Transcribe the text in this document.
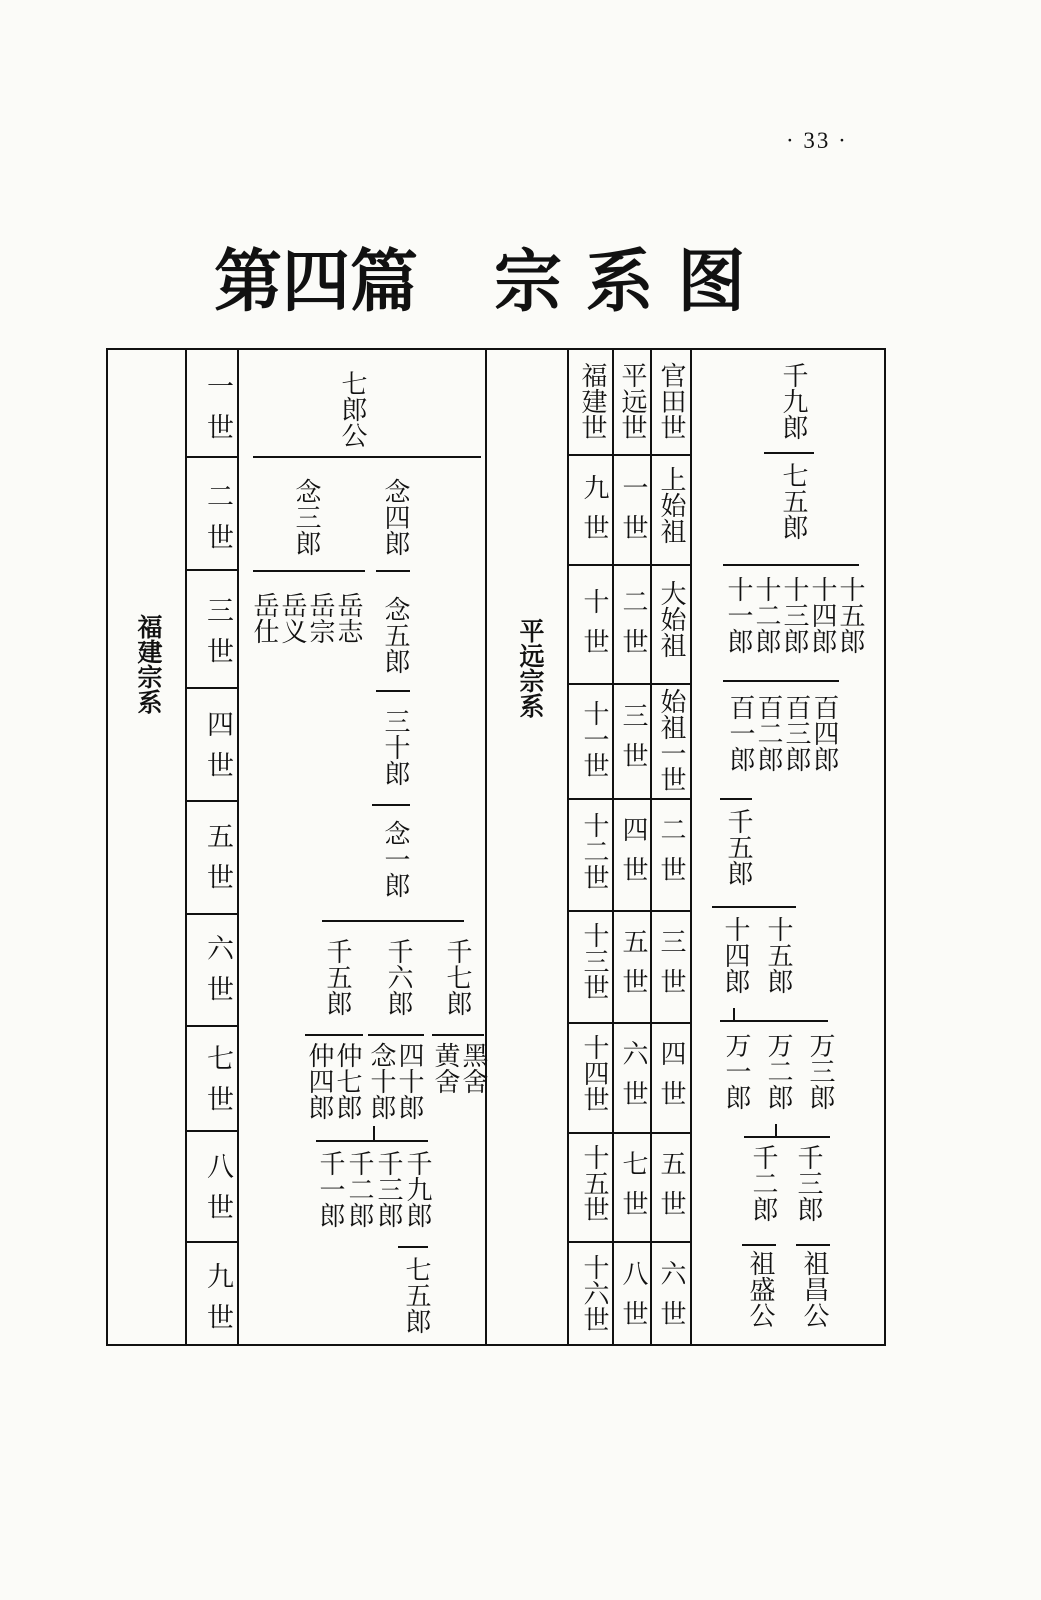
· 33 ·
第四篇 宗 系 图
福建宗系	平远宗系
一世
二世
三世
四世
五世
六世
七世
八世
九世
七郎公
念三郎 念四郎
岳仕
岳义
岳宗
岳志 念五郎
三十郎
念一郎
千五郎 千六郎 千七郎
仲四郎
仲七郎 念十郎
四十郎 黄舍
黑舍
千一郎 千二郎 千三郎 千九郎
七五郎
福建世 平远世 官田世
九世
十世
十一世
十二世
十三世
十四世
十五世
十六世
一世
二世
三世
四世
五世
六世
七世
八世
上始祖
大始祖
始祖一世
二世
三世
四世
五世
六世
千九郎
七五郎
十一郎
十二郎
十三郎
十四郎
十五郎
百一郎
百二郎
百三郎
百四郎
千五郎
十四郎 十五郎
万一郎 万二郎 万三郎
千二郎 千三郎
祖盛公 祖昌公
